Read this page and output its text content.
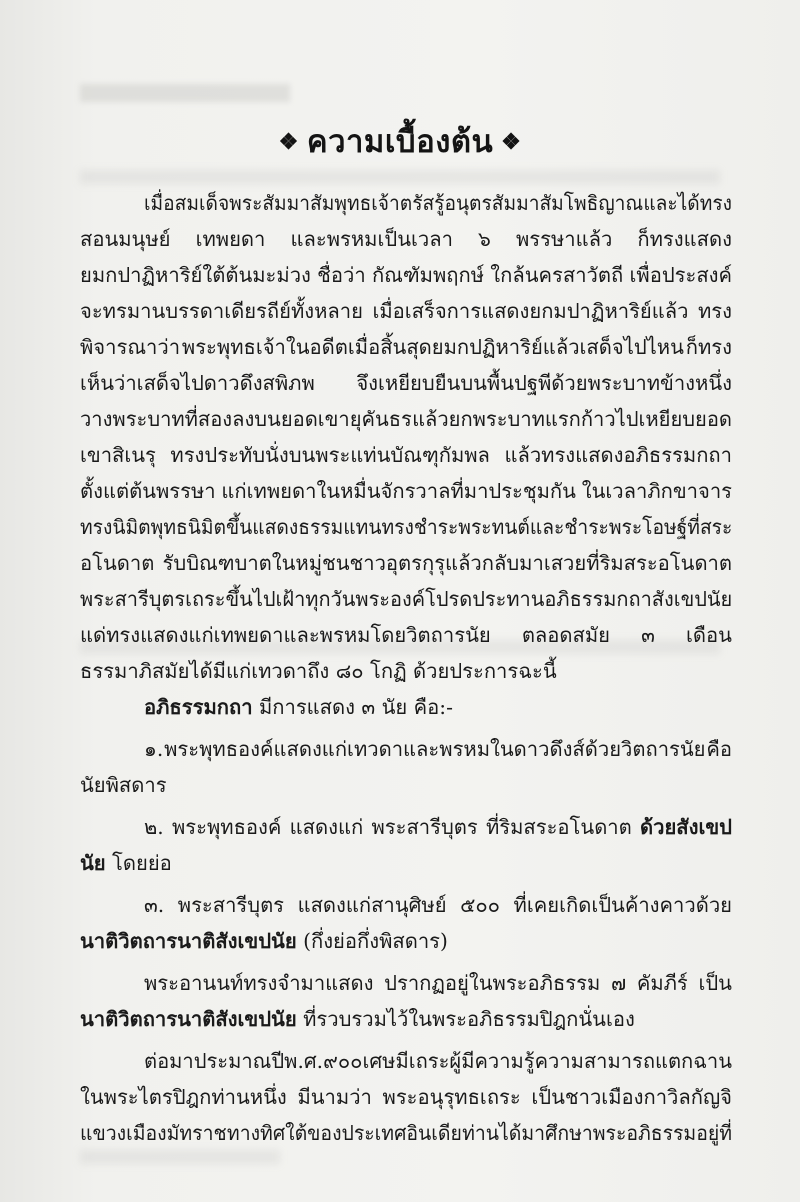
❖ ความเบื้องต้น ❖
เมื่อสมเด็จพระสัมมาสัมพุทธเจ้าตรัสรู้อนุตรสัมมาสัมโพธิญาณ และได้ทรง
สอนมนุษย์ เทพยดา และพรหมเป็นเวลา ๖ พรรษาแล้ว ก็ทรงแสดง
ยมกปาฏิหาริย์ใต้ต้นมะม่วง ชื่อว่า กัณฑัมพฤกษ์ ใกล้นครสาวัตถี เพื่อประสงค์
จะทรมานบรรดาเดียรถีย์ทั้งหลาย เมื่อเสร็จการแสดงยกมปาฏิหาริย์แล้ว ทรง
พิจารณาว่า พระพุทธเจ้าในอดีตเมื่อสิ้นสุดยมกปฏิหาริย์แล้วเสด็จไปไหน ก็ทรง
เห็นว่าเสด็จไปดาวดึงสพิภพ จึงเหยียบยืนบนพื้นปฐพีด้วยพระบาทข้างหนึ่ง
วางพระบาทที่สองลงบนยอดเขายุคันธร แล้วยกพระบาทแรกก้าวไปเหยียบยอด
เขาสิเนรุ ทรงประทับนั่งบนพระแท่นบัณฑุกัมพล แล้วทรงแสดงอภิธรรมกถา
ตั้งแต่ต้นพรรษา แก่เทพยดาในหมื่นจักรวาลที่มาประชุมกัน ในเวลาภิกขาจาร
ทรงนิมิตพุทธนิมิตขึ้น แสดงธรรมแทน ทรงชำระพระทนต์และ ชำระพระโอษฐ์ที่สระ
อโนดาต รับบิณฑบาตในหมู่ชนชาวอุตรกุรุแล้วกลับมาเสวยที่ริมสระอโนดาต
พระสารีบุตรเถระขึ้นไปเฝ้าทุกวัน พระองค์โปรดประทานอภิธรรมกถา สังเขปนัย
แด่ทรงแสดงแก่เทพยดาและพรหมโดยวิตถารนัย ตลอดสมัย ๓ เดือน
ธรรมาภิสมัยได้มีแก่เทวดาถึง ๘๐ โกฏิ ด้วยประการฉะนี้
อภิธรรมกถา มีการแสดง ๓ นัย คือ:-
๑. พระพุทธองค์แสดงแก่เทวดาและพรหมในดาวดึงส์ด้วยวิตถารนัย คือ
นัยพิสดาร
๒. พระพุทธองค์ แสดงแก่ พระสารีบุตร ที่ริมสระอโนดาต ด้วยสังเขป
นัย โดยย่อ
๓. พระสารีบุตร แสดงแก่สานุศิษย์ ๕๐๐ ที่เคยเกิดเป็นค้างคาวด้วย
นาติวิตถารนาติสังเขปนัย (กึ่งย่อกึ่งพิสดาร)
พระอานนท์ทรงจำมาแสดง ปรากฏอยู่ในพระอภิธรรม ๗ คัมภีร์ เป็น
นาติวิตถารนาติสังเขปนัย ที่รวบรวมไว้ในพระอภิธรรมปิฎกนั่นเอง
ต่อมาประมาณปี พ.ศ. ๙๐๐ เศษ มีเถระผู้มีความรู้ความสามารถแตกฉาน
ในพระไตรปิฎกท่านหนึ่ง มีนามว่า พระอนุรุทธเถระ เป็นชาวเมืองกาวิลกัญจิ
แขวงเมืองมัทราช ทางทิศใต้ของประเทศอินเดีย ท่านได้มาศึกษาพระอภิธรรมอยู่ที่
